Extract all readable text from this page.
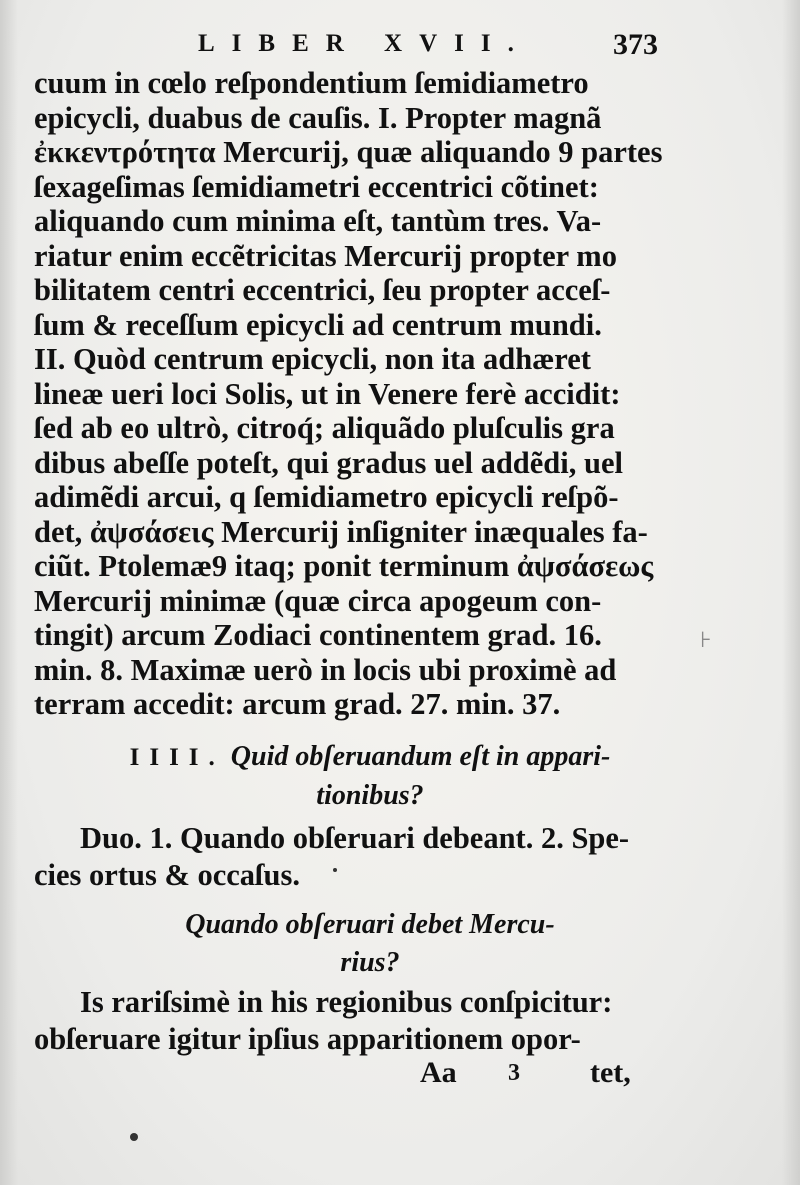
LIBER XVII.	373
cuum in cœlo reſpondentium ſemidiametro
epicycli, duabus de cauſis. I. Propter magnã
ἐκκεντρότητα Mercurij, quæ aliquando 9 partes
ſexageſimas ſemidiametri eccentrici cõtinet:
aliquando cum minima eſt, tantùm tres. Va-
riatur enim eccẽtricitas Mercurij propter mo
bilitatem centri eccentrici, ſeu propter acceſ-
ſum & receſſum epicycli ad centrum mundi.
II. Quòd centrum epicycli, non ita adhæret
lineæ ueri loci Solis, ut in Venere ferè accidit:
ſed ab eo ultrò, citroq́; aliquãdo pluſculis gra
dibus abeſſe poteſt, qui gradus uel addẽdi, uel
adimẽdi arcui, q ſemidiametro epicycli reſpõ-
det, ἀψσάσεις Mercurij inſigniter inæquales fa-
ciũt. Ptolemæ9 itaq; ponit terminum ἀψσάσεως
Mercurij minimæ (quæ circa apogeum con-
tingit) arcum Zodiaci continentem grad. 16.
min. 8. Maximæ uerò in locis ubi proximè ad
terram accedit: arcum grad. 27. min. 37.
IIII. Quid obſeruandum eſt in appari-
tionibus?
Duo. 1. Quando obſeruari debeant. 2. Spe-
cies ortus & occaſus.
Quando obſeruari debet Mercu-
rius?
Is rariſsimè in his regionibus conſpicitur:
obſeruare igitur ipſius apparitionem opor-
Aa 3 tet,
⊦
